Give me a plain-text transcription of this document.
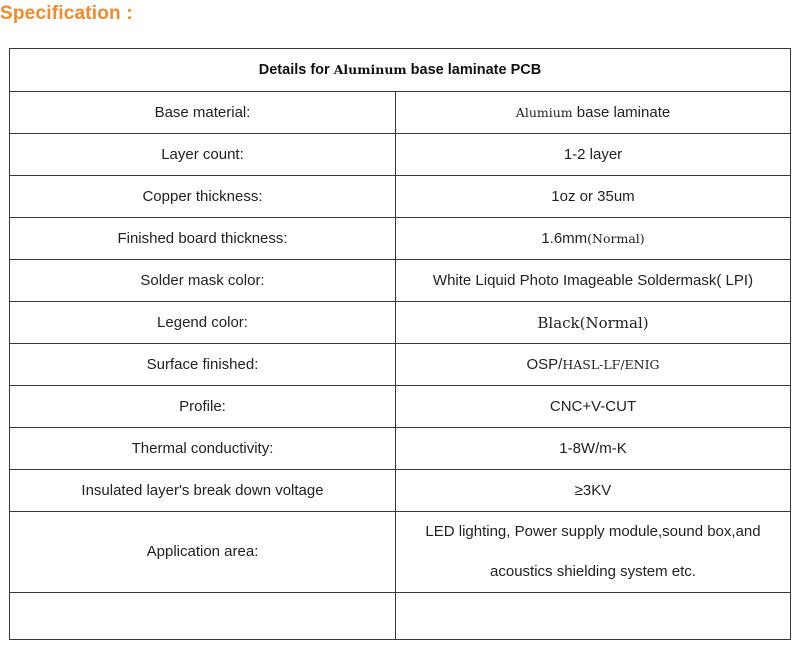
Specification :
Details for Aluminum base laminate PCB	
Base material:	Alumium base laminate
Layer count:	1-2 layer
Copper thickness:	1oz or 35um
Finished board thickness:	1.6mm(Normal)
Solder mask color:	White Liquid Photo Imageable Soldermask( LPI)
Legend color:	Black(Normal)
Surface finished:	OSP/HASL-LF/ENIG
Profile:	CNC+V-CUT
Thermal conductivity:	1-8W/m-K
Insulated layer's break down voltage	≥3KV
Application area:	LED lighting, Power supply module,sound box,and
acoustics shielding system etc.
